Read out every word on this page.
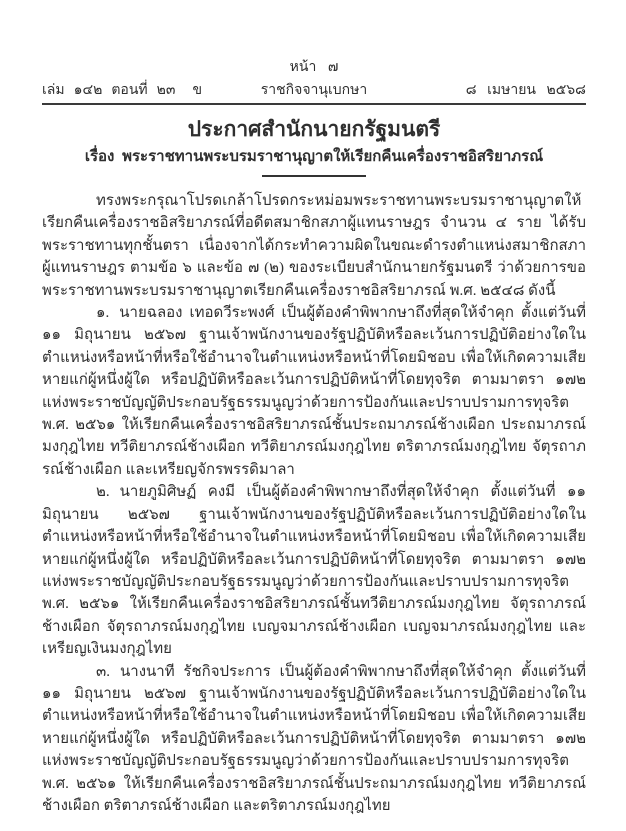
หน้า ๗
เล่ม ๑๔๒ ตอนที่ ๒๓ ข	ราชกิจจานุเบกษา	๘ เมษายน ๒๕๖๘
ประกาศสำนักนายกรัฐมนตรี
เรื่อง พระราชทานพระบรมราชานุญาตให้เรียกคืนเครื่องราชอิสริยาภรณ์

ทรงพระกรุณาโปรดเกล้าโปรดกระหม่อมพระราชทานพระบรมราชานุญาตให้เรียกคืนเครื่องราชอิสริยาภรณ์ที่อดีตสมาชิกสภาผู้แทนราษฎร จำนวน ๔ ราย ได้รับพระราชทานทุกชั้นตรา เนื่องจากได้กระทำความผิดในขณะดำรงตำแหน่งสมาชิกสภาผู้แทนราษฎร ตามข้อ ๖ และข้อ ๗ (๒) ของระเบียบสำนักนายกรัฐมนตรี ว่าด้วยการขอพระราชทานพระบรมราชานุญาตเรียกคืนเครื่องราชอิสริยาภรณ์ พ.ศ. ๒๕๔๘ ดังนี้

๑. นายฉลอง เทอดวีระพงศ์ เป็นผู้ต้องคำพิพากษาถึงที่สุดให้จำคุก ตั้งแต่วันที่ ๑๑ มิถุนายน ๒๕๖๗ ฐานเจ้าพนักงานของรัฐปฏิบัติหรือละเว้นการปฏิบัติอย่างใดในตำแหน่งหรือหน้าที่หรือใช้อำนาจในตำแหน่งหรือหน้าที่โดยมิชอบ เพื่อให้เกิดความเสียหายแก่ผู้หนึ่งผู้ใด หรือปฏิบัติหรือละเว้นการปฏิบัติหน้าที่โดยทุจริต ตามมาตรา ๑๗๒ แห่งพระราชบัญญัติประกอบรัฐธรรมนูญว่าด้วยการป้องกันและปราบปรามการทุจริต พ.ศ. ๒๕๖๑ ให้เรียกคืนเครื่องราชอิสริยาภรณ์ชั้นประถมาภรณ์ช้างเผือก ประถมาภรณ์มงกุฎไทย ทวีติยาภรณ์ช้างเผือก ทวีติยาภรณ์มงกุฎไทย ตริตาภรณ์มงกุฎไทย จัตุรถาภรณ์ช้างเผือก และเหรียญจักรพรรดิมาลา

๒. นายภูมิศิษฏ์ คงมี เป็นผู้ต้องคำพิพากษาถึงที่สุดให้จำคุก ตั้งแต่วันที่ ๑๑ มิถุนายน ๒๕๖๗ ฐานเจ้าพนักงานของรัฐปฏิบัติหรือละเว้นการปฏิบัติอย่างใดในตำแหน่งหรือหน้าที่หรือใช้อำนาจในตำแหน่งหรือหน้าที่โดยมิชอบ เพื่อให้เกิดความเสียหายแก่ผู้หนึ่งผู้ใด หรือปฏิบัติหรือละเว้นการปฏิบัติหน้าที่โดยทุจริต ตามมาตรา ๑๗๒ แห่งพระราชบัญญัติประกอบรัฐธรรมนูญว่าด้วยการป้องกันและปราบปรามการทุจริต พ.ศ. ๒๕๖๑ ให้เรียกคืนเครื่องราชอิสริยาภรณ์ชั้นทวีติยาภรณ์มงกุฎไทย จัตุรถาภรณ์ช้างเผือก จัตุรถาภรณ์มงกุฎไทย เบญจมาภรณ์ช้างเผือก เบญจมาภรณ์มงกุฎไทย และเหรียญเงินมงกุฎไทย

๓. นางนาที รัชกิจประการ เป็นผู้ต้องคำพิพากษาถึงที่สุดให้จำคุก ตั้งแต่วันที่ ๑๑ มิถุนายน ๒๕๖๗ ฐานเจ้าพนักงานของรัฐปฏิบัติหรือละเว้นการปฏิบัติอย่างใดในตำแหน่งหรือหน้าที่หรือใช้อำนาจในตำแหน่งหรือหน้าที่โดยมิชอบ เพื่อให้เกิดความเสียหายแก่ผู้หนึ่งผู้ใด หรือปฏิบัติหรือละเว้นการปฏิบัติหน้าที่โดยทุจริต ตามมาตรา ๑๗๒ แห่งพระราชบัญญัติประกอบรัฐธรรมนูญว่าด้วยการป้องกันและปราบปรามการทุจริต พ.ศ. ๒๕๖๑ ให้เรียกคืนเครื่องราชอิสริยาภรณ์ชั้นประถมาภรณ์มงกุฎไทย ทวีติยาภรณ์ช้างเผือก ตริตาภรณ์ช้างเผือก และตริตาภรณ์มงกุฎไทย
